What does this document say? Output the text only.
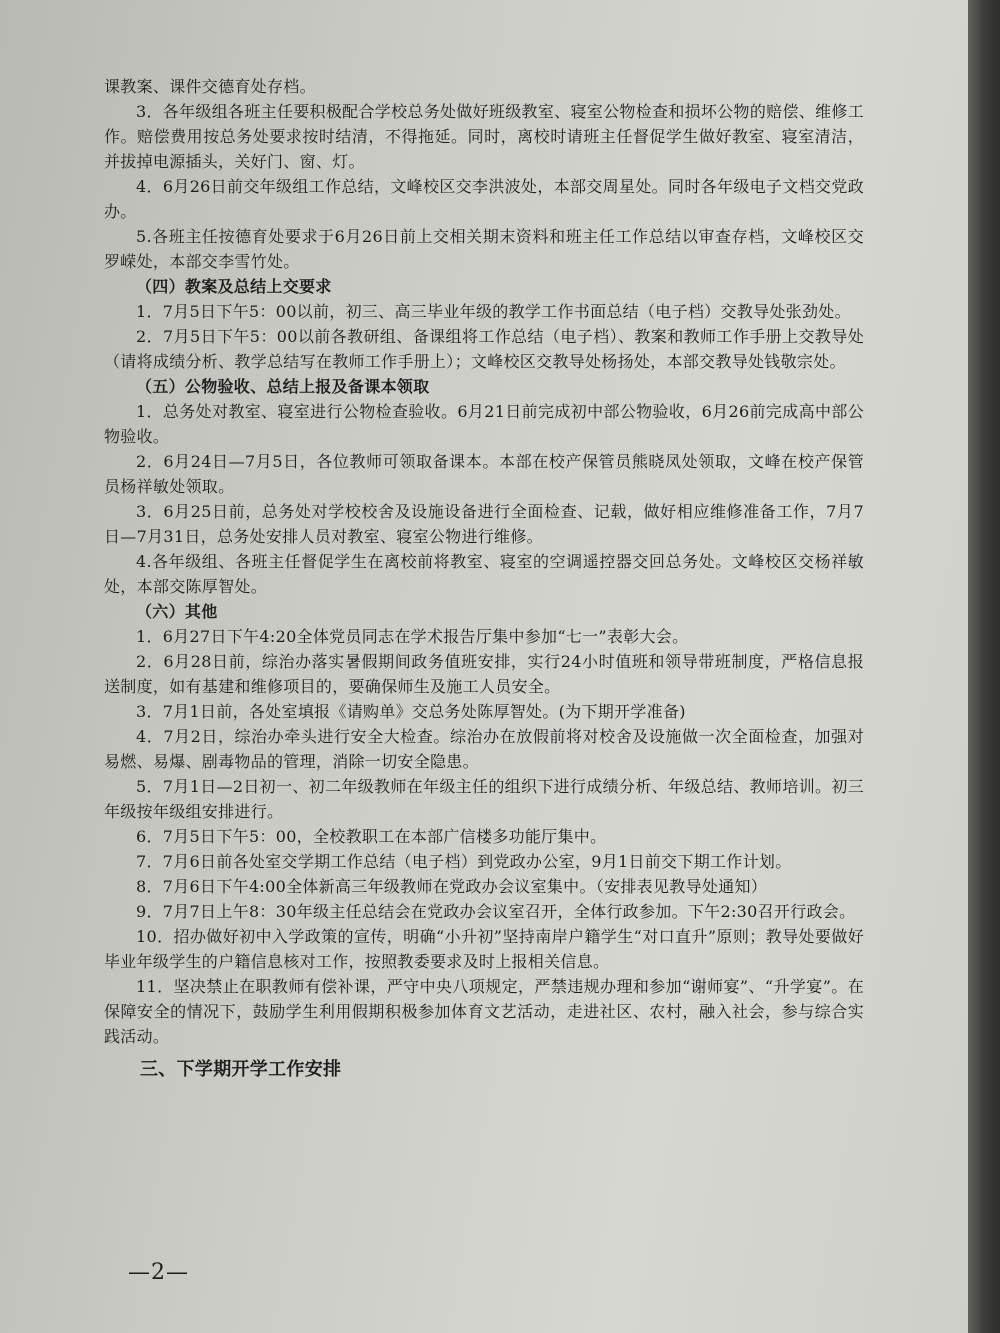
课教案、课件交德育处存档。

3．各年级组各班主任要积极配合学校总务处做好班级教室、寝室公物检查和损坏公物的赔偿、维修工作。赔偿费用按总务处要求按时结清，不得拖延。同时，离校时请班主任督促学生做好教室、寝室清洁，并拔掉电源插头，关好门、窗、灯。

4．6月26日前交年级组工作总结，文峰校区交李洪波处，本部交周星处。同时各年级电子文档交党政办。

5.各班主任按德育处要求于6月26日前上交相关期末资料和班主任工作总结以审查存档，文峰校区交罗嵘处，本部交李雪竹处。

（四）教案及总结上交要求

1．7月5日下午5：00以前，初三、高三毕业年级的教学工作书面总结（电子档）交教导处张劲处。

2．7月5日下午5：00以前各教研组、备课组将工作总结（电子档）、教案和教师工作手册上交教导处（请将成绩分析、教学总结写在教师工作手册上）；文峰校区交教导处杨扬处，本部交教导处钱敬宗处。

（五）公物验收、总结上报及备课本领取

1．总务处对教室、寝室进行公物检查验收。6月21日前完成初中部公物验收，6月26前完成高中部公物验收。

2．6月24日—7月5日，各位教师可领取备课本。本部在校产保管员熊晓凤处领取，文峰在校产保管员杨祥敏处领取。

3．6月25日前，总务处对学校校舍及设施设备进行全面检查、记载，做好相应维修准备工作，7月7日—7月31日，总务处安排人员对教室、寝室公物进行维修。

4.各年级组、各班主任督促学生在离校前将教室、寝室的空调遥控器交回总务处。文峰校区交杨祥敏处，本部交陈厚智处。

（六）其他

1．6月27日下午4:20全体党员同志在学术报告厅集中参加“七一”表彰大会。

2．6月28日前，综治办落实暑假期间政务值班安排，实行24小时值班和领导带班制度，严格信息报送制度，如有基建和维修项目的，要确保师生及施工人员安全。

3．7月1日前，各处室填报《请购单》交总务处陈厚智处。(为下期开学准备)

4．7月2日，综治办牵头进行安全大检查。综治办在放假前将对校舍及设施做一次全面检查，加强对易燃、易爆、剧毒物品的管理，消除一切安全隐患。

5．7月1日—2日初一、初二年级教师在年级主任的组织下进行成绩分析、年级总结、教师培训。初三年级按年级组安排进行。

6．7月5日下午5：00，全校教职工在本部广信楼多功能厅集中。

7．7月6日前各处室交学期工作总结（电子档）到党政办公室，9月1日前交下期工作计划。

8．7月6日下午4:00全体新高三年级教师在党政办会议室集中。（安排表见教导处通知）

9．7月7日上午8：30年级主任总结会在党政办会议室召开，全体行政参加。下午2:30召开行政会。

10．招办做好初中入学政策的宣传，明确“小升初”坚持南岸户籍学生“对口直升”原则；教导处要做好毕业年级学生的户籍信息核对工作，按照教委要求及时上报相关信息。

11．坚决禁止在职教师有偿补课，严守中央八项规定，严禁违规办理和参加“谢师宴”、“升学宴”。在保障安全的情况下，鼓励学生利用假期积极参加体育文艺活动，走进社区、农村，融入社会，参与综合实践活动。

三、下学期开学工作安排

—2—
